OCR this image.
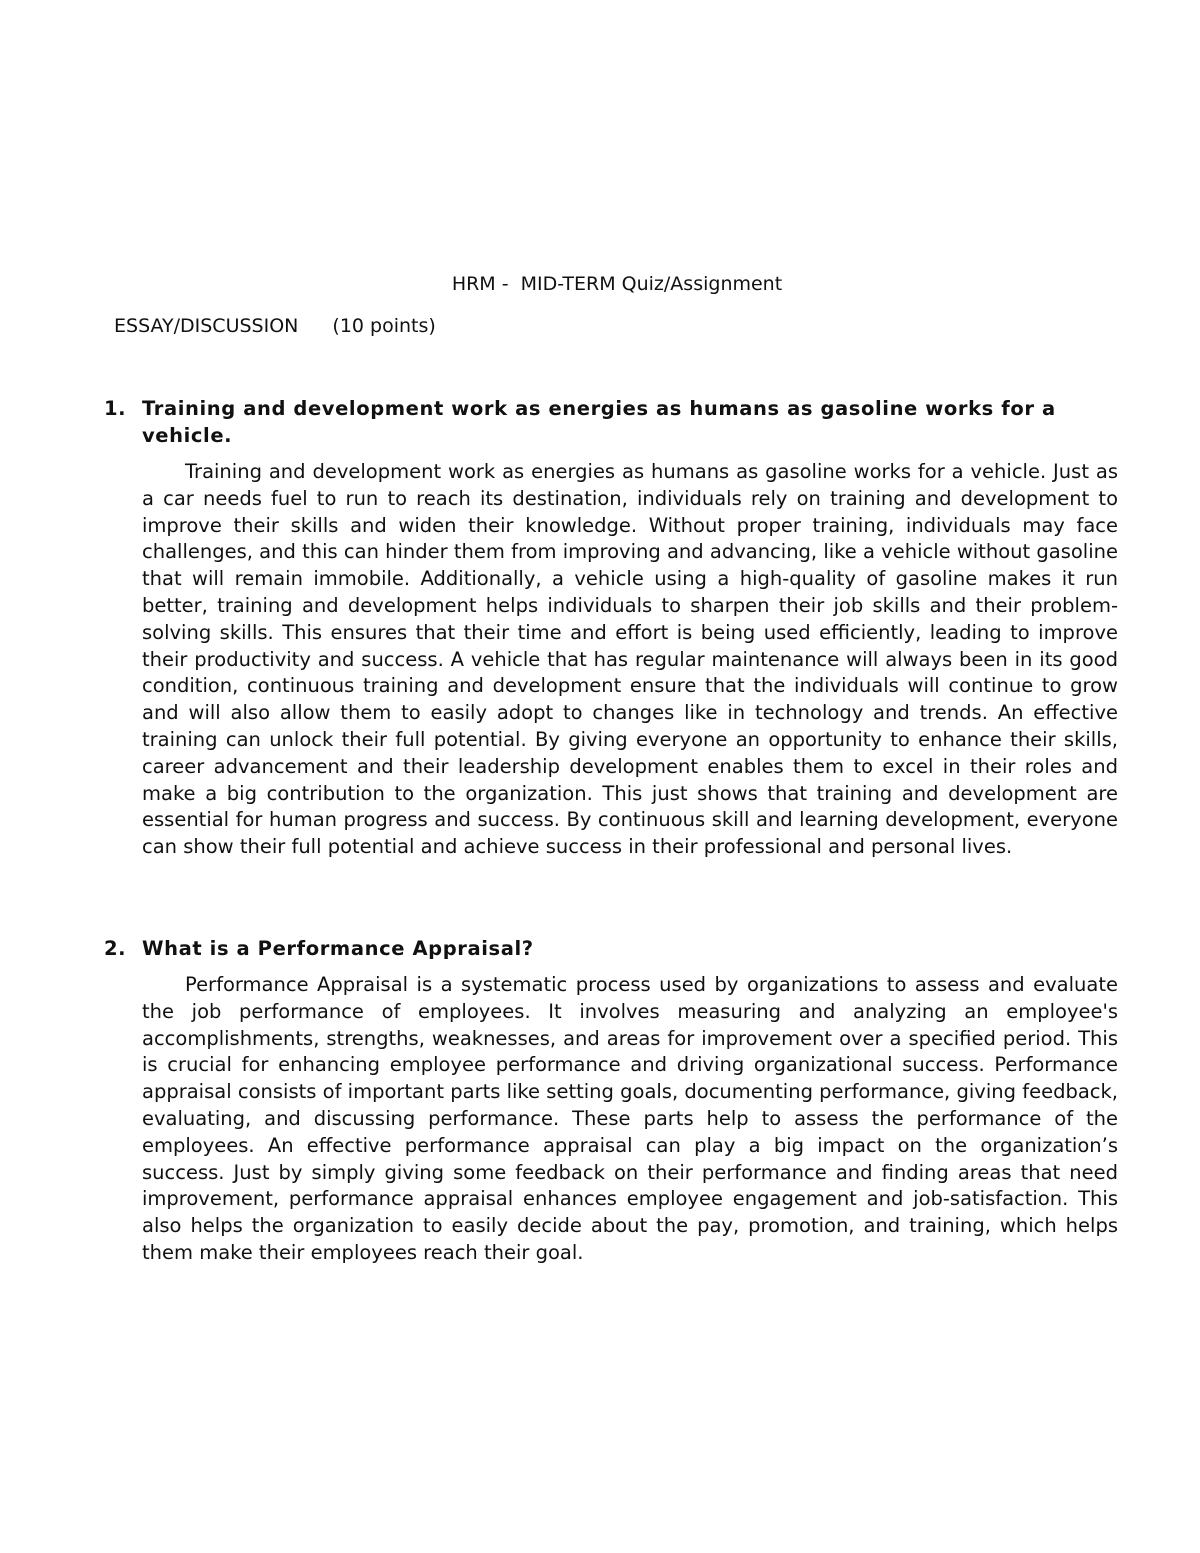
HRM -  MID-TERM Quiz/Assignment
ESSAY/DISCUSSION (10 points)
1. Training and development work as energies as humans as gasoline works for a vehicle.

Training and development work as energies as humans as gasoline works for a vehicle. Just as a car needs fuel to run to reach its destination, individuals rely on training and development to improve their skills and widen their knowledge. Without proper training, individuals may face challenges, and this can hinder them from improving and advancing, like a vehicle without gasoline that will remain immobile. Additionally, a vehicle using a high-quality of gasoline makes it run better, training and development helps individuals to sharpen their job skills and their problem-solving skills. This ensures that their time and effort is being used efficiently, leading to improve their productivity and success. A vehicle that has regular maintenance will always been in its good condition, continuous training and development ensure that the individuals will continue to grow and will also allow them to easily adopt to changes like in technology and trends. An effective training can unlock their full potential. By giving everyone an opportunity to enhance their skills, career advancement and their leadership development enables them to excel in their roles and make a big contribution to the organization. This just shows that training and development are essential for human progress and success. By continuous skill and learning development, everyone can show their full potential and achieve success in their professional and personal lives.

2. What is a Performance Appraisal?

Performance Appraisal is a systematic process used by organizations to assess and evaluate the job performance of employees. It involves measuring and analyzing an employee's accomplishments, strengths, weaknesses, and areas for improvement over a specified period. This is crucial for enhancing employee performance and driving organizational success. Performance appraisal consists of important parts like setting goals, documenting performance, giving feedback, evaluating, and discussing performance. These parts help to assess the performance of the employees. An effective performance appraisal can play a big impact on the organization’s success. Just by simply giving some feedback on their performance and finding areas that need improvement, performance appraisal enhances employee engagement and job-satisfaction. This also helps the organization to easily decide about the pay, promotion, and training, which helps them make their employees reach their goal.
